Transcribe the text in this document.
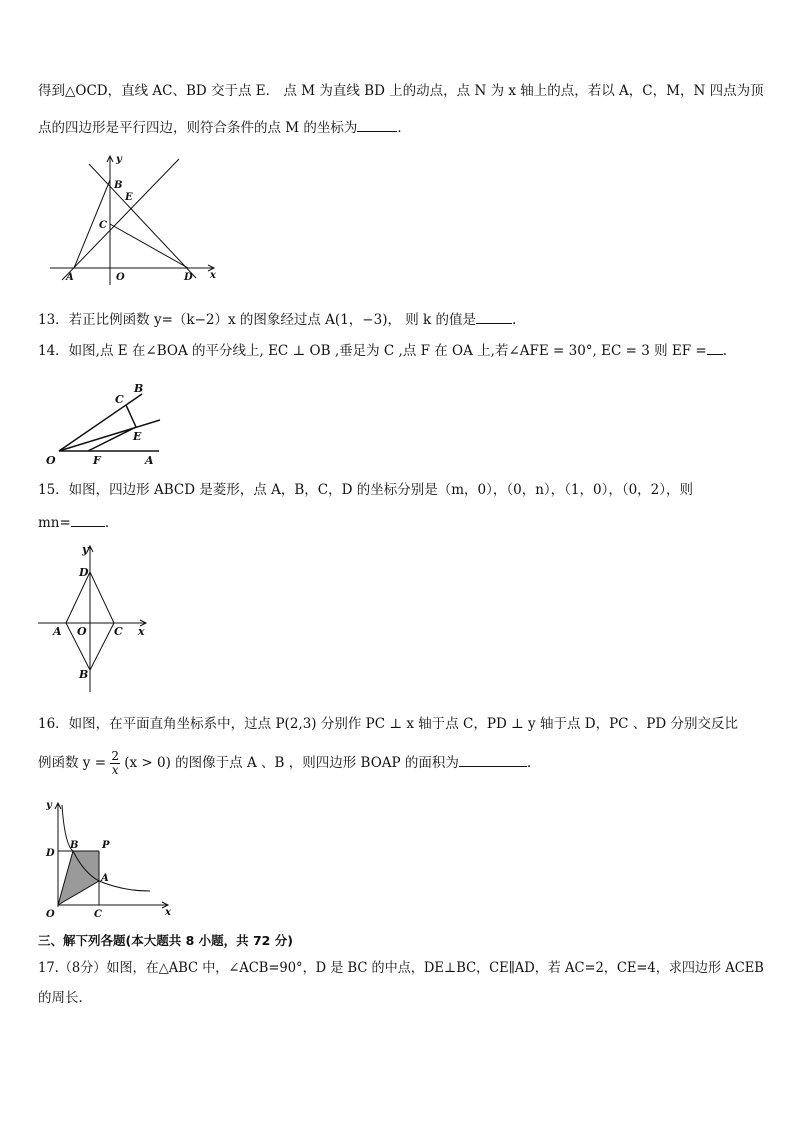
得到△OCD，直线 AC、BD 交于点 E． 点 M 为直线 BD 上的动点，点 N 为 x 轴上的点，若以 A，C，M，N 四点为顶
点的四边形是平行四边，则符合条件的点 M 的坐标为	．
y
x
B
E
C
A	O	D
13．若正比例函数 y=（k−2）x 的图象经过点 A(1，−3)， 则 k 的值是	.
14．如图,点 E 在∠BOA 的平分线上, EC ⊥ OB ,垂足为 C ,点 F 在 OA 上,若∠AFE = 30°, EC = 3 则 EF = .
B
C
E
O	F	A
15．如图，四边形 ABCD 是菱形，点 A，B，C，D 的坐标分别是（m，0），（0，n），（1，0），（0，2），则
mn=	.
y
x
D
A O C
B
16．如图，在平面直角坐标系中，过点 P(2,3) 分别作 PC ⊥ x 轴于点 C，PD ⊥ y 轴于点 D，PC 、PD 分别交反比
例函数 $y = \frac{2}{x} (x > 0)$ 的图像于点 A 、B ，则四边形 BOAP 的面积为	.
y
x
D
B P
A
O	C
三、解下列各题(本大题共 8 小题，共 72 分)
17.（8分）如图，在△ABC 中，∠ACB=90°，D 是 BC 的中点，DE⊥BC，CE∥AD，若 AC=2，CE=4，求四边形 ACEB
的周长．
